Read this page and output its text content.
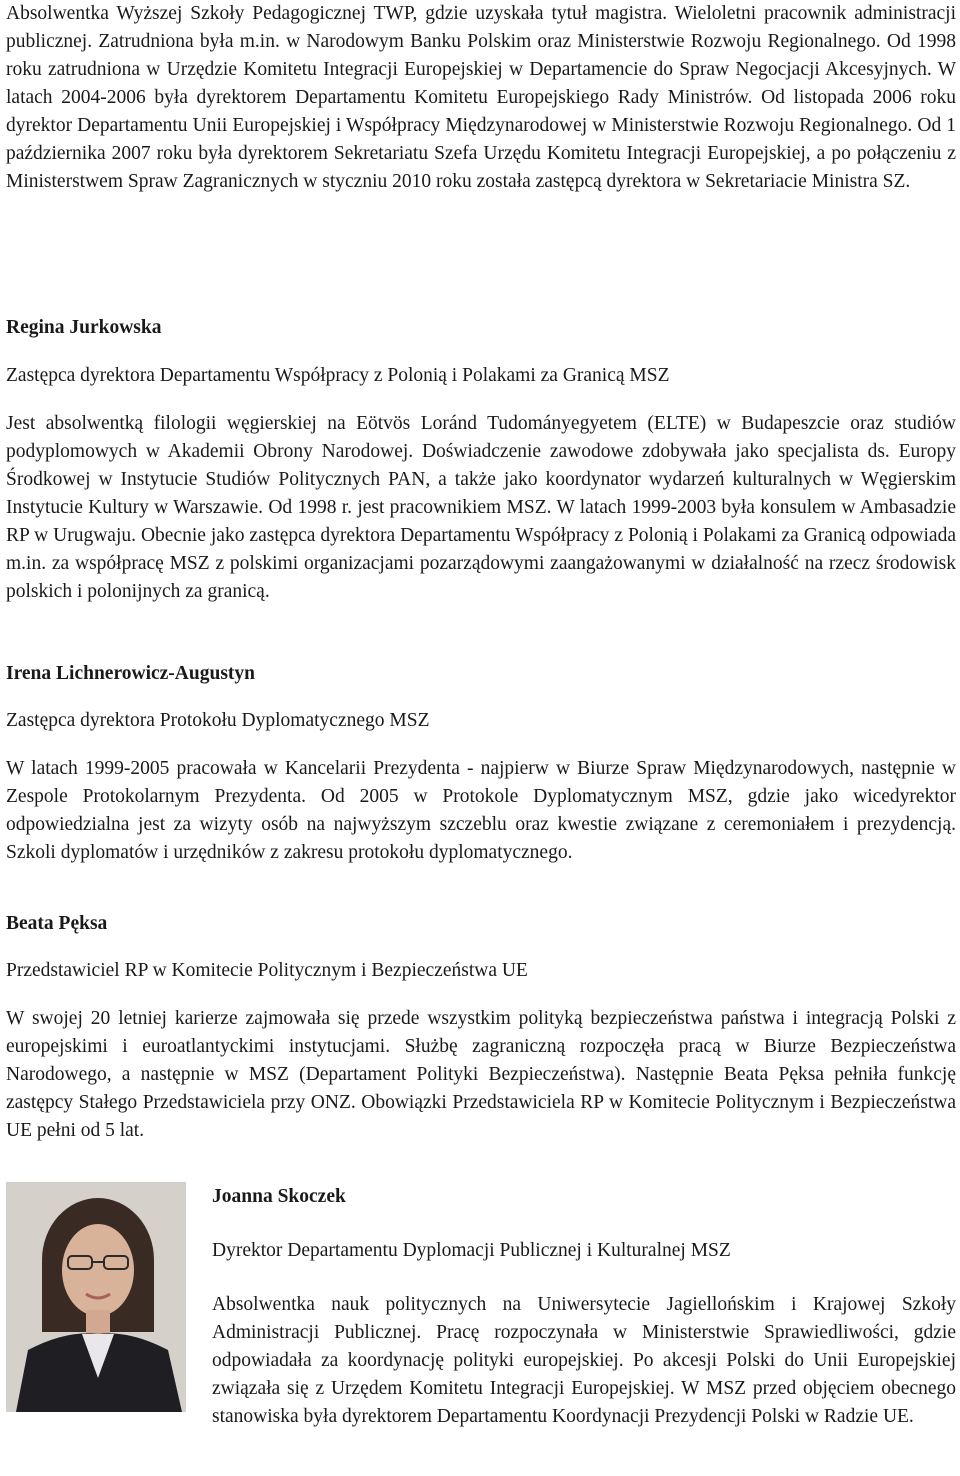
Absolwentka Wyższej Szkoły Pedagogicznej TWP, gdzie uzyskała tytuł magistra. Wieloletni pracownik administracji publicznej. Zatrudniona była m.in. w Narodowym Banku Polskim oraz Ministerstwie Rozwoju Regionalnego. Od 1998 roku zatrudniona w Urzędzie Komitetu Integracji Europejskiej w Departamencie do Spraw Negocjacji Akcesyjnych. W latach 2004-2006 była dyrektorem Departamentu Komitetu Europejskiego Rady Ministrów. Od listopada 2006 roku dyrektor Departamentu Unii Europejskiej i Współpracy Międzynarodowej w Ministerstwie Rozwoju Regionalnego. Od 1 października 2007 roku była dyrektorem Sekretariatu Szefa Urzędu Komitetu Integracji Europejskiej, a po połączeniu z Ministerstwem Spraw Zagranicznych w styczniu 2010 roku została zastępcą dyrektora w Sekretariacie Ministra SZ.

Regina Jurkowska

Zastępca dyrektora Departamentu Współpracy z Polonią i Polakami za Granicą MSZ

Jest absolwentką filologii węgierskiej na Eötvös Loránd Tudományegyetem (ELTE) w Budapeszcie oraz studiów podyplomowych w Akademii Obrony Narodowej. Doświadczenie zawodowe zdobywała jako specjalista ds. Europy Środkowej w Instytucie Studiów Politycznych PAN, a także jako koordynator wydarzeń kulturalnych w Węgierskim Instytucie Kultury w Warszawie. Od 1998 r. jest pracownikiem MSZ. W latach 1999-2003 była konsulem w Ambasadzie RP w Urugwaju. Obecnie jako zastępca dyrektora Departamentu Współpracy z Polonią i Polakami za Granicą odpowiada m.in. za współpracę MSZ z polskimi organizacjami pozarządowymi zaangażowanymi w działalność na rzecz środowisk polskich i polonijnych za granicą.

Irena Lichnerowicz-Augustyn

Zastępca dyrektora Protokołu Dyplomatycznego MSZ

W latach 1999-2005 pracowała w Kancelarii Prezydenta - najpierw w Biurze Spraw Międzynarodowych, następnie w Zespole Protokolarnym Prezydenta. Od 2005 w Protokole Dyplomatycznym MSZ, gdzie jako wicedyrektor odpowiedzialna jest za wizyty osób na najwyższym szczeblu oraz kwestie związane z ceremoniałem i prezydencją. Szkoli dyplomatów i urzędników z zakresu protokołu dyplomatycznego.

Beata Pęksa

Przedstawiciel RP w Komitecie Politycznym i Bezpieczeństwa UE

W swojej 20 letniej karierze zajmowała się przede wszystkim polityką bezpieczeństwa państwa i integracją Polski z europejskimi i euroatlantyckimi instytucjami. Służbę zagraniczną rozpoczęła pracą w Biurze Bezpieczeństwa Narodowego, a następnie w MSZ (Departament Polityki Bezpieczeństwa). Następnie Beata Pęksa pełniła funkcję zastępcy Stałego Przedstawiciela przy ONZ. Obowiązki Przedstawiciela RP w Komitecie Politycznym i Bezpieczeństwa UE pełni od 5 lat.

Joanna Skoczek

Dyrektor Departamentu Dyplomacji Publicznej i Kulturalnej MSZ

Absolwentka nauk politycznych na Uniwersytecie Jagiellońskim i Krajowej Szkoły Administracji Publicznej. Pracę rozpoczynała w Ministerstwie Sprawiedliwości, gdzie odpowiadała za koordynację polityki europejskiej. Po akcesji Polski do Unii Europejskiej związała się z Urzędem Komitetu Integracji Europejskiej. W MSZ przed objęciem obecnego stanowiska była dyrektorem Departamentu Koordynacji Prezydencji Polski w Radzie UE.
